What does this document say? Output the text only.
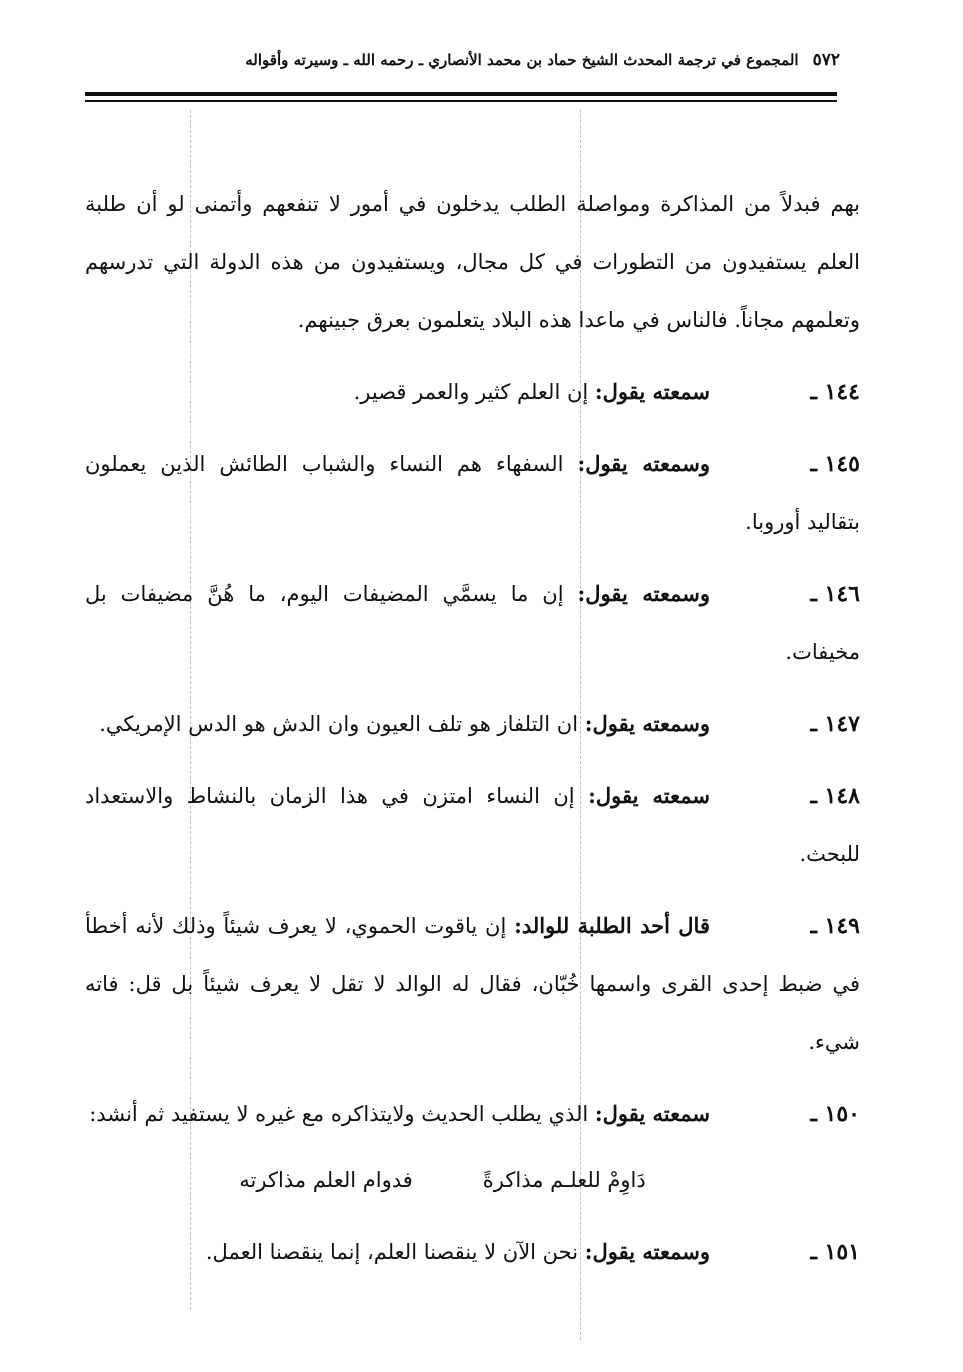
٥٧٢
المجموع في ترجمة المحدث الشيخ حماد بن محمد الأنصاري ـ رحمه الله ـ وسيرته وأقواله

بهم فبدلاً من المذاكرة ومواصلة الطلب يدخلون في أمور لا تنفعهم وأتمنى لو أن طلبة العلم يستفيدون من التطورات في كل مجال، ويستفيدون من هذه الدولة التي تدرسهم وتعلمهم مجاناً. فالناس في ماعدا هذه البلاد يتعلمون بعرق جبينهم.

١٤٤ ـ

سمعته يقول: إن العلم كثير والعمر قصير.

١٤٥ ـ

وسمعته يقول: السفهاء هم النساء والشباب الطائش الذين يعملون بتقاليد أوروبا.

١٤٦ ـ

وسمعته يقول: إن ما يسمَّي المضيفات اليوم، ما هُنَّ مضيفات بل مخيفات.

١٤٧ ـ

وسمعته يقول: ان التلفاز هو تلف العيون وان الدش هو الدس الإمريكي.

١٤٨ ـ

سمعته يقول: إن النساء امتزن في هذا الزمان بالنشاط والاستعداد للبحث.

١٤٩ ـ

قال أحد الطلبة للوالد: إن ياقوت الحموي، لا يعرف شيئاً وذلك لأنه أخطأ في ضبط إحدى القرى واسمها خُبّان، فقال له الوالد لا تقل لا يعرف شيئاً بل قل: فاته شيء.

١٥٠ ـ

سمعته يقول: الذي يطلب الحديث ولايتذاكره مع غيره لا يستفيد ثم أنشد:

دَاوِمْ للعلـم مذاكرةً
فدوام العلم مذاكرته
١٥١ ـ

وسمعته يقول: نحن الآن لا ينقصنا العلم، إنما ينقصنا العمل.
